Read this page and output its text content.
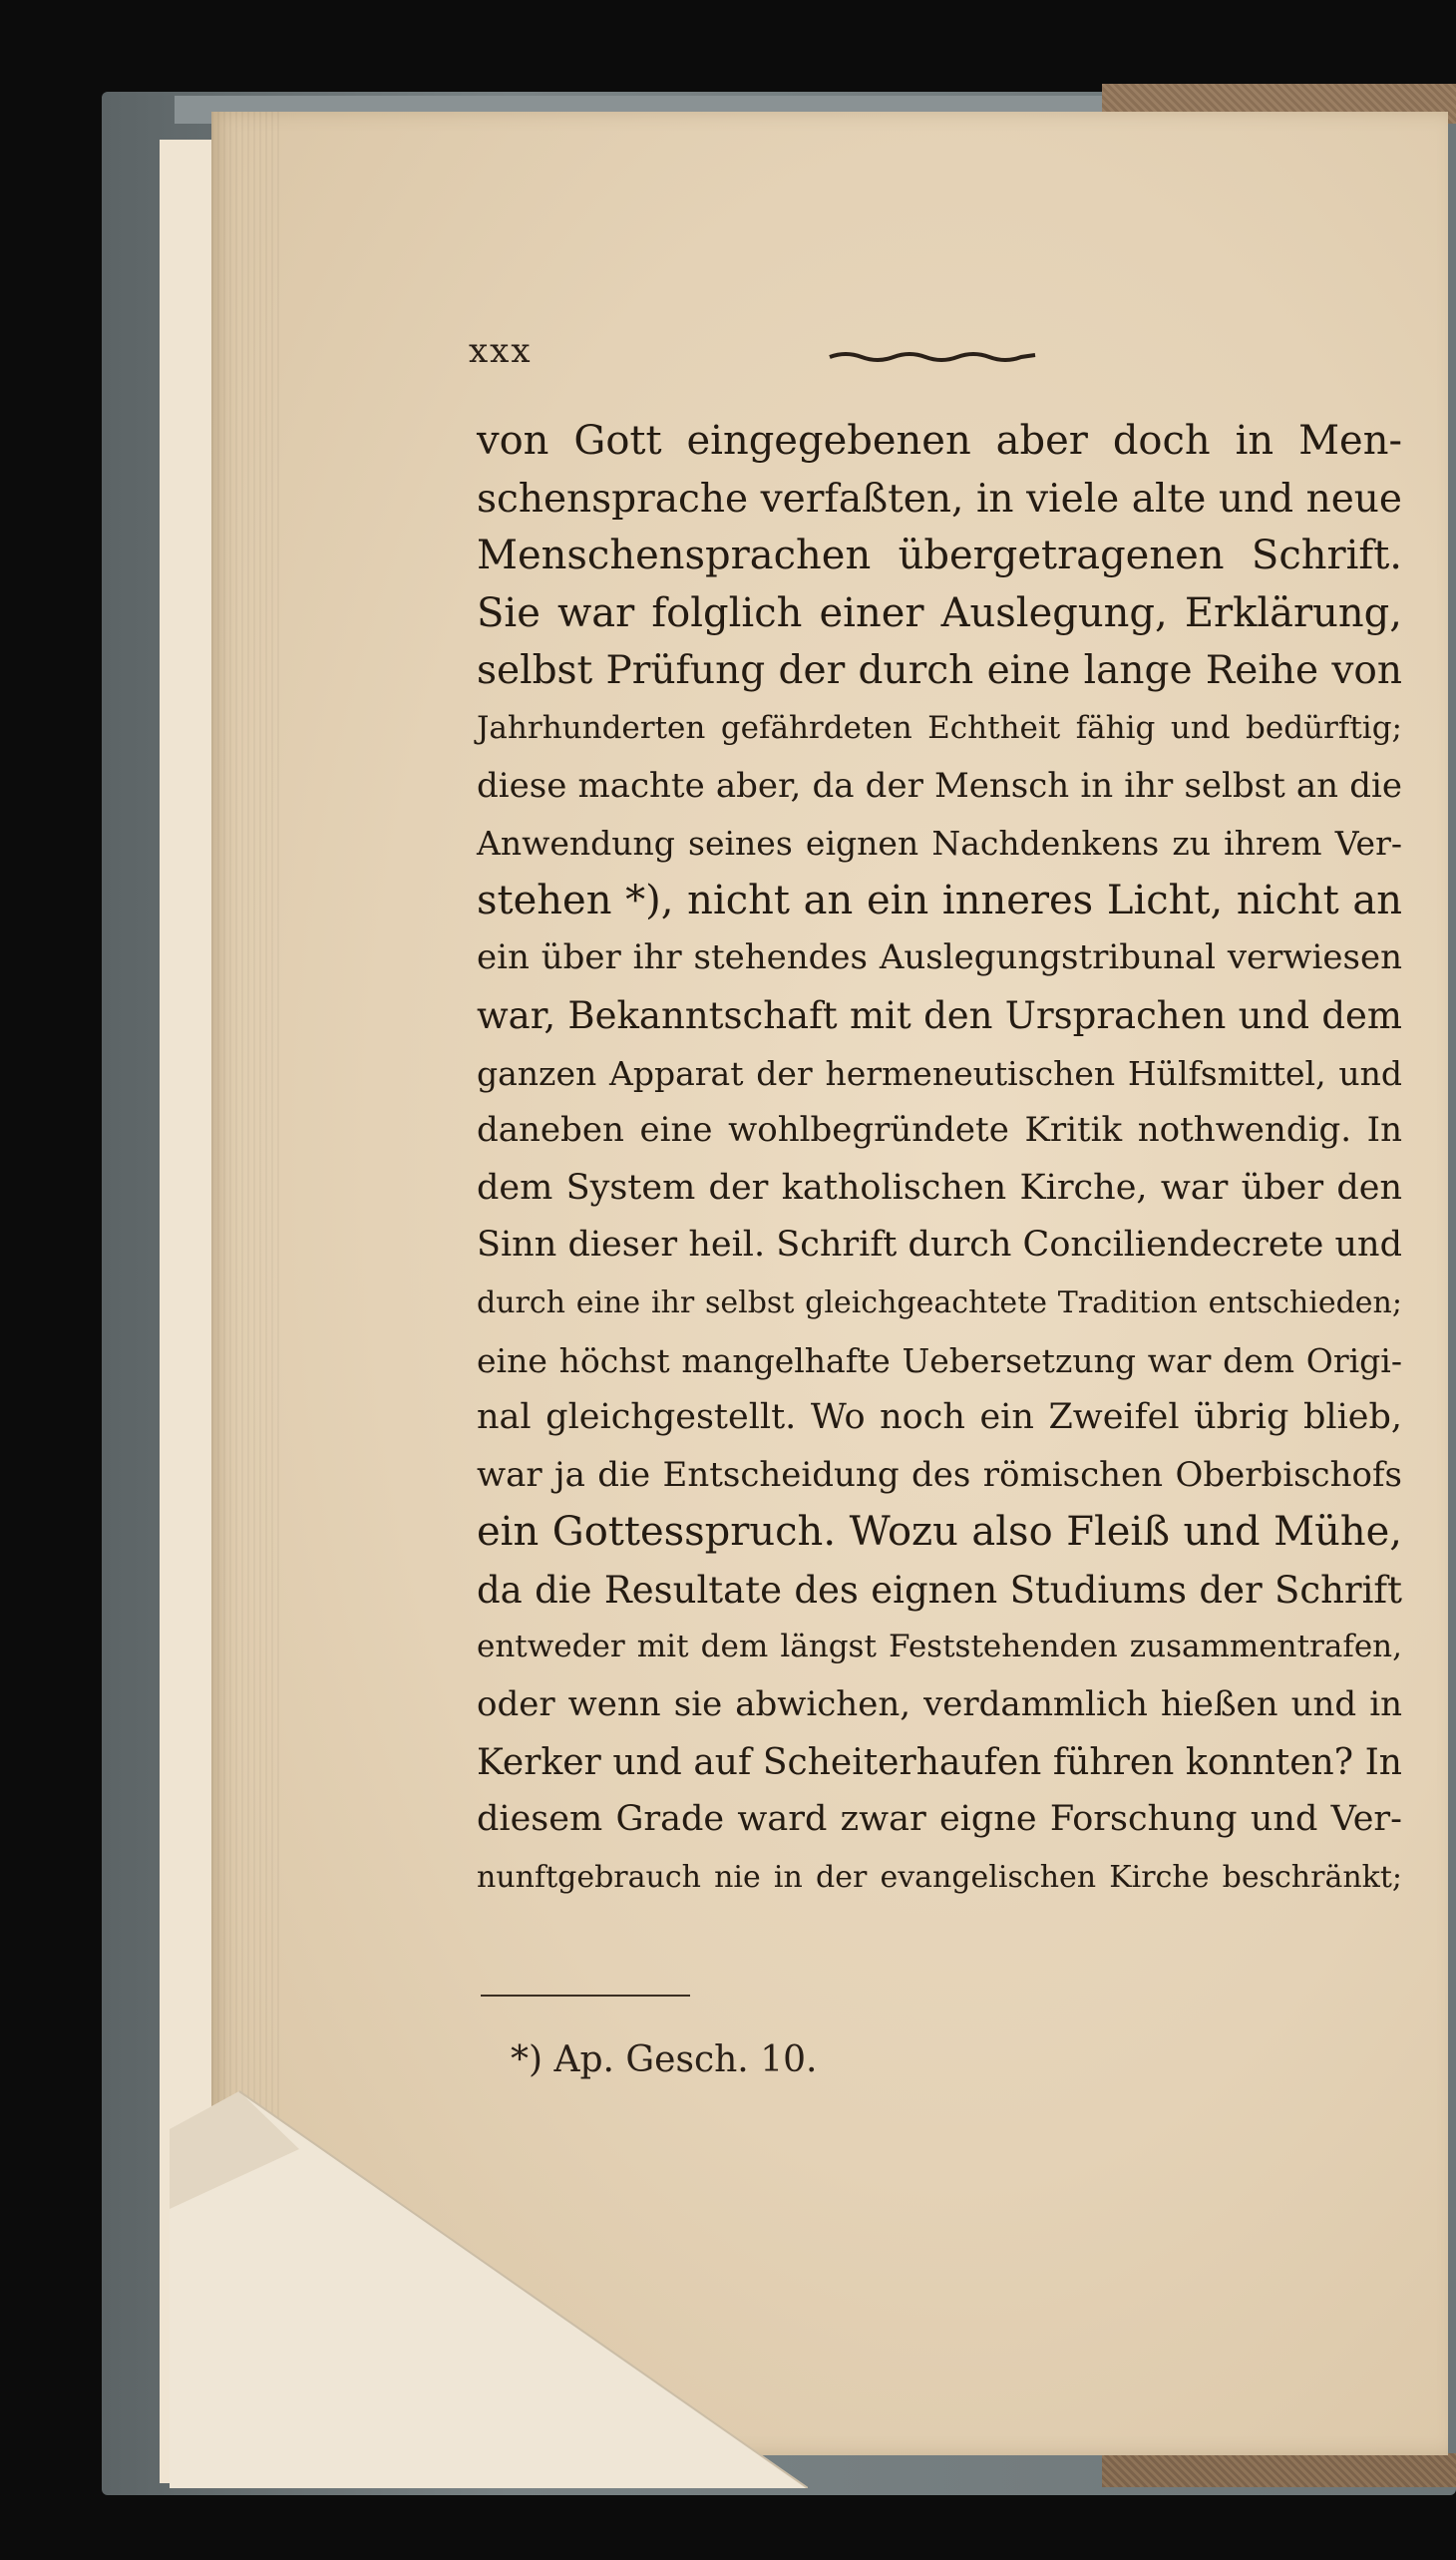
xxx
von Gott eingegebenen aber doch in Men-
schensprache verfaßten, in viele alte und neue
Menschensprachen übergetragenen Schrift.
Sie war folglich einer Auslegung, Erklärung,
selbst Prüfung der durch eine lange Reihe von
Jahrhunderten gefährdeten Echtheit fähig und bedürftig;
diese machte aber, da der Mensch in ihr selbst an die
Anwendung seines eignen Nachdenkens zu ihrem Ver-
stehen *), nicht an ein inneres Licht, nicht an
ein über ihr stehendes Auslegungstribunal verwiesen
war, Bekanntschaft mit den Ursprachen und dem
ganzen Apparat der hermeneutischen Hülfsmittel, und
daneben eine wohlbegründete Kritik nothwendig. In
dem System der katholischen Kirche, war über den
Sinn dieser heil. Schrift durch Conciliendecrete und
durch eine ihr selbst gleichgeachtete Tradition entschieden;
eine höchst mangelhafte Uebersetzung war dem Origi-
nal gleichgestellt. Wo noch ein Zweifel übrig blieb,
war ja die Entscheidung des römischen Oberbischofs
ein Gottesspruch. Wozu also Fleiß und Mühe,
da die Resultate des eignen Studiums der Schrift
entweder mit dem längst Feststehenden zusammentrafen,
oder wenn sie abwichen, verdammlich hießen und in
Kerker und auf Scheiterhaufen führen konnten? In
diesem Grade ward zwar eigne Forschung und Ver-
nunftgebrauch nie in der evangelischen Kirche beschränkt;
*) Ap. Gesch. 10.
